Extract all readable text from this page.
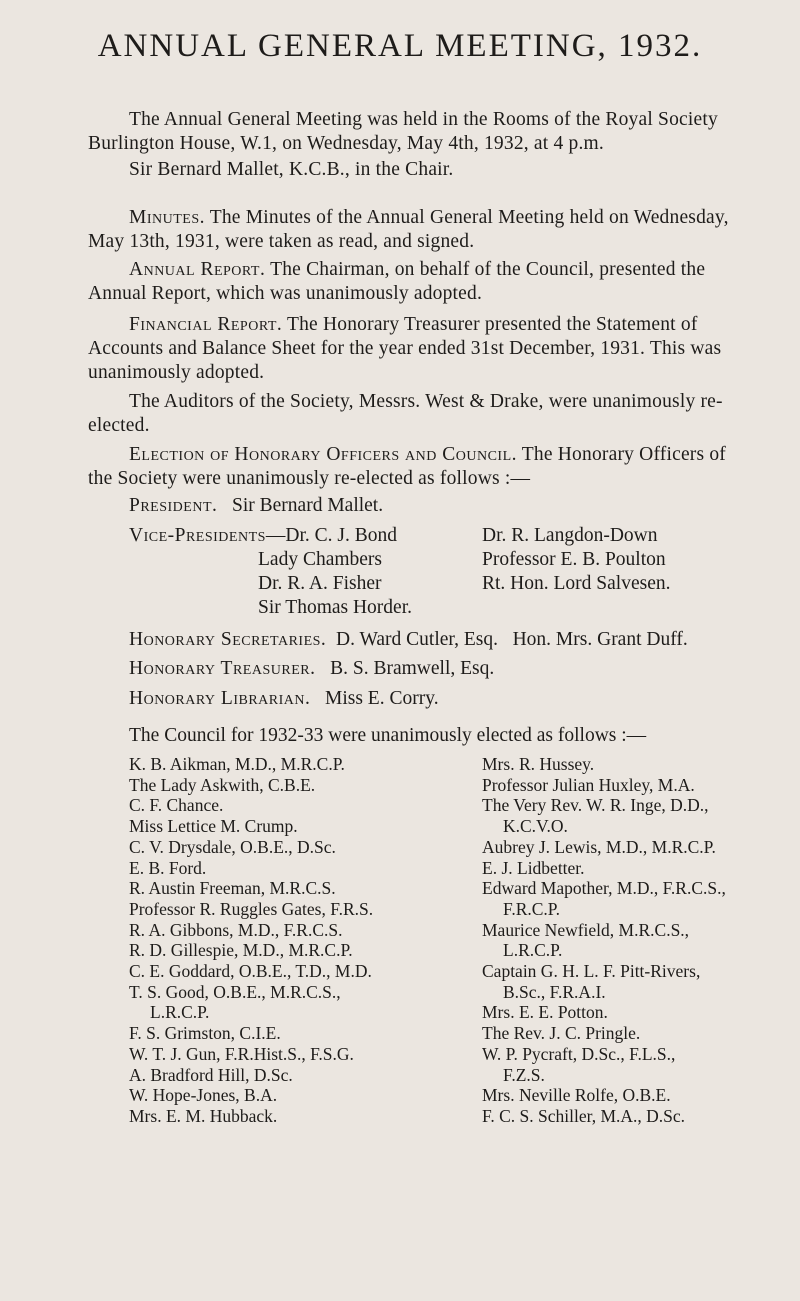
ANNUAL GENERAL MEETING, 1932.

The Annual General Meeting was held in the Rooms of the Royal Society Burlington House, W.1, on Wednesday, May 4th, 1932, at 4 p.m.

Sir Bernard Mallet, K.C.B., in the Chair.

Minutes. The Minutes of the Annual General Meeting held on Wednesday, May 13th, 1931, were taken as read, and signed.

Annual Report. The Chairman, on behalf of the Council, presented the Annual Report, which was unanimously adopted.

Financial Report. The Honorary Treasurer presented the Statement of Accounts and Balance Sheet for the year ended 31st December, 1931. This was unanimously adopted.

The Auditors of the Society, Messrs. West & Drake, were unanimously re-elected.

Election of Honorary Officers and Council. The Honorary Officers of the Society were unanimously re-elected as follows :—

President. Sir Bernard Mallet.

Vice-Presidents—Dr. C. J. Bond
Lady Chambers
Dr. R. A. Fisher
Sir Thomas Horder.
Dr. R. Langdon-Down
Professor E. B. Poulton
Rt. Hon. Lord Salvesen.

Honorary Secretaries. D. Ward Cutler, Esq.   Hon. Mrs. Grant Duff.

Honorary Treasurer. B. S. Bramwell, Esq.

Honorary Librarian. Miss E. Corry.

The Council for 1932-33 were unanimously elected as follows :—

K. B. Aikman, M.D., M.R.C.P.
The Lady Askwith, C.B.E.
C. F. Chance.
Miss Lettice M. Crump.
C. V. Drysdale, O.B.E., D.Sc.
E. B. Ford.
R. Austin Freeman, M.R.C.S.
Professor R. Ruggles Gates, F.R.S.
R. A. Gibbons, M.D., F.R.C.S.
R. D. Gillespie, M.D., M.R.C.P.
C. E. Goddard, O.B.E., T.D., M.D.
T. S. Good, O.B.E., M.R.C.S.,
L.R.C.P.
F. S. Grimston, C.I.E.
W. T. J. Gun, F.R.Hist.S., F.S.G.
A. Bradford Hill, D.Sc.
W. Hope-Jones, B.A.
Mrs. E. M. Hubback.
Mrs. R. Hussey.
Professor Julian Huxley, M.A.
The Very Rev. W. R. Inge, D.D.,
K.C.V.O.
Aubrey J. Lewis, M.D., M.R.C.P.
E. J. Lidbetter.
Edward Mapother, M.D., F.R.C.S.,
F.R.C.P.
Maurice Newfield, M.R.C.S.,
L.R.C.P.
Captain G. H. L. F. Pitt-Rivers,
B.Sc., F.R.A.I.
Mrs. E. E. Potton.
The Rev. J. C. Pringle.
W. P. Pycraft, D.Sc., F.L.S.,
F.Z.S.
Mrs. Neville Rolfe, O.B.E.
F. C. S. Schiller, M.A., D.Sc.
